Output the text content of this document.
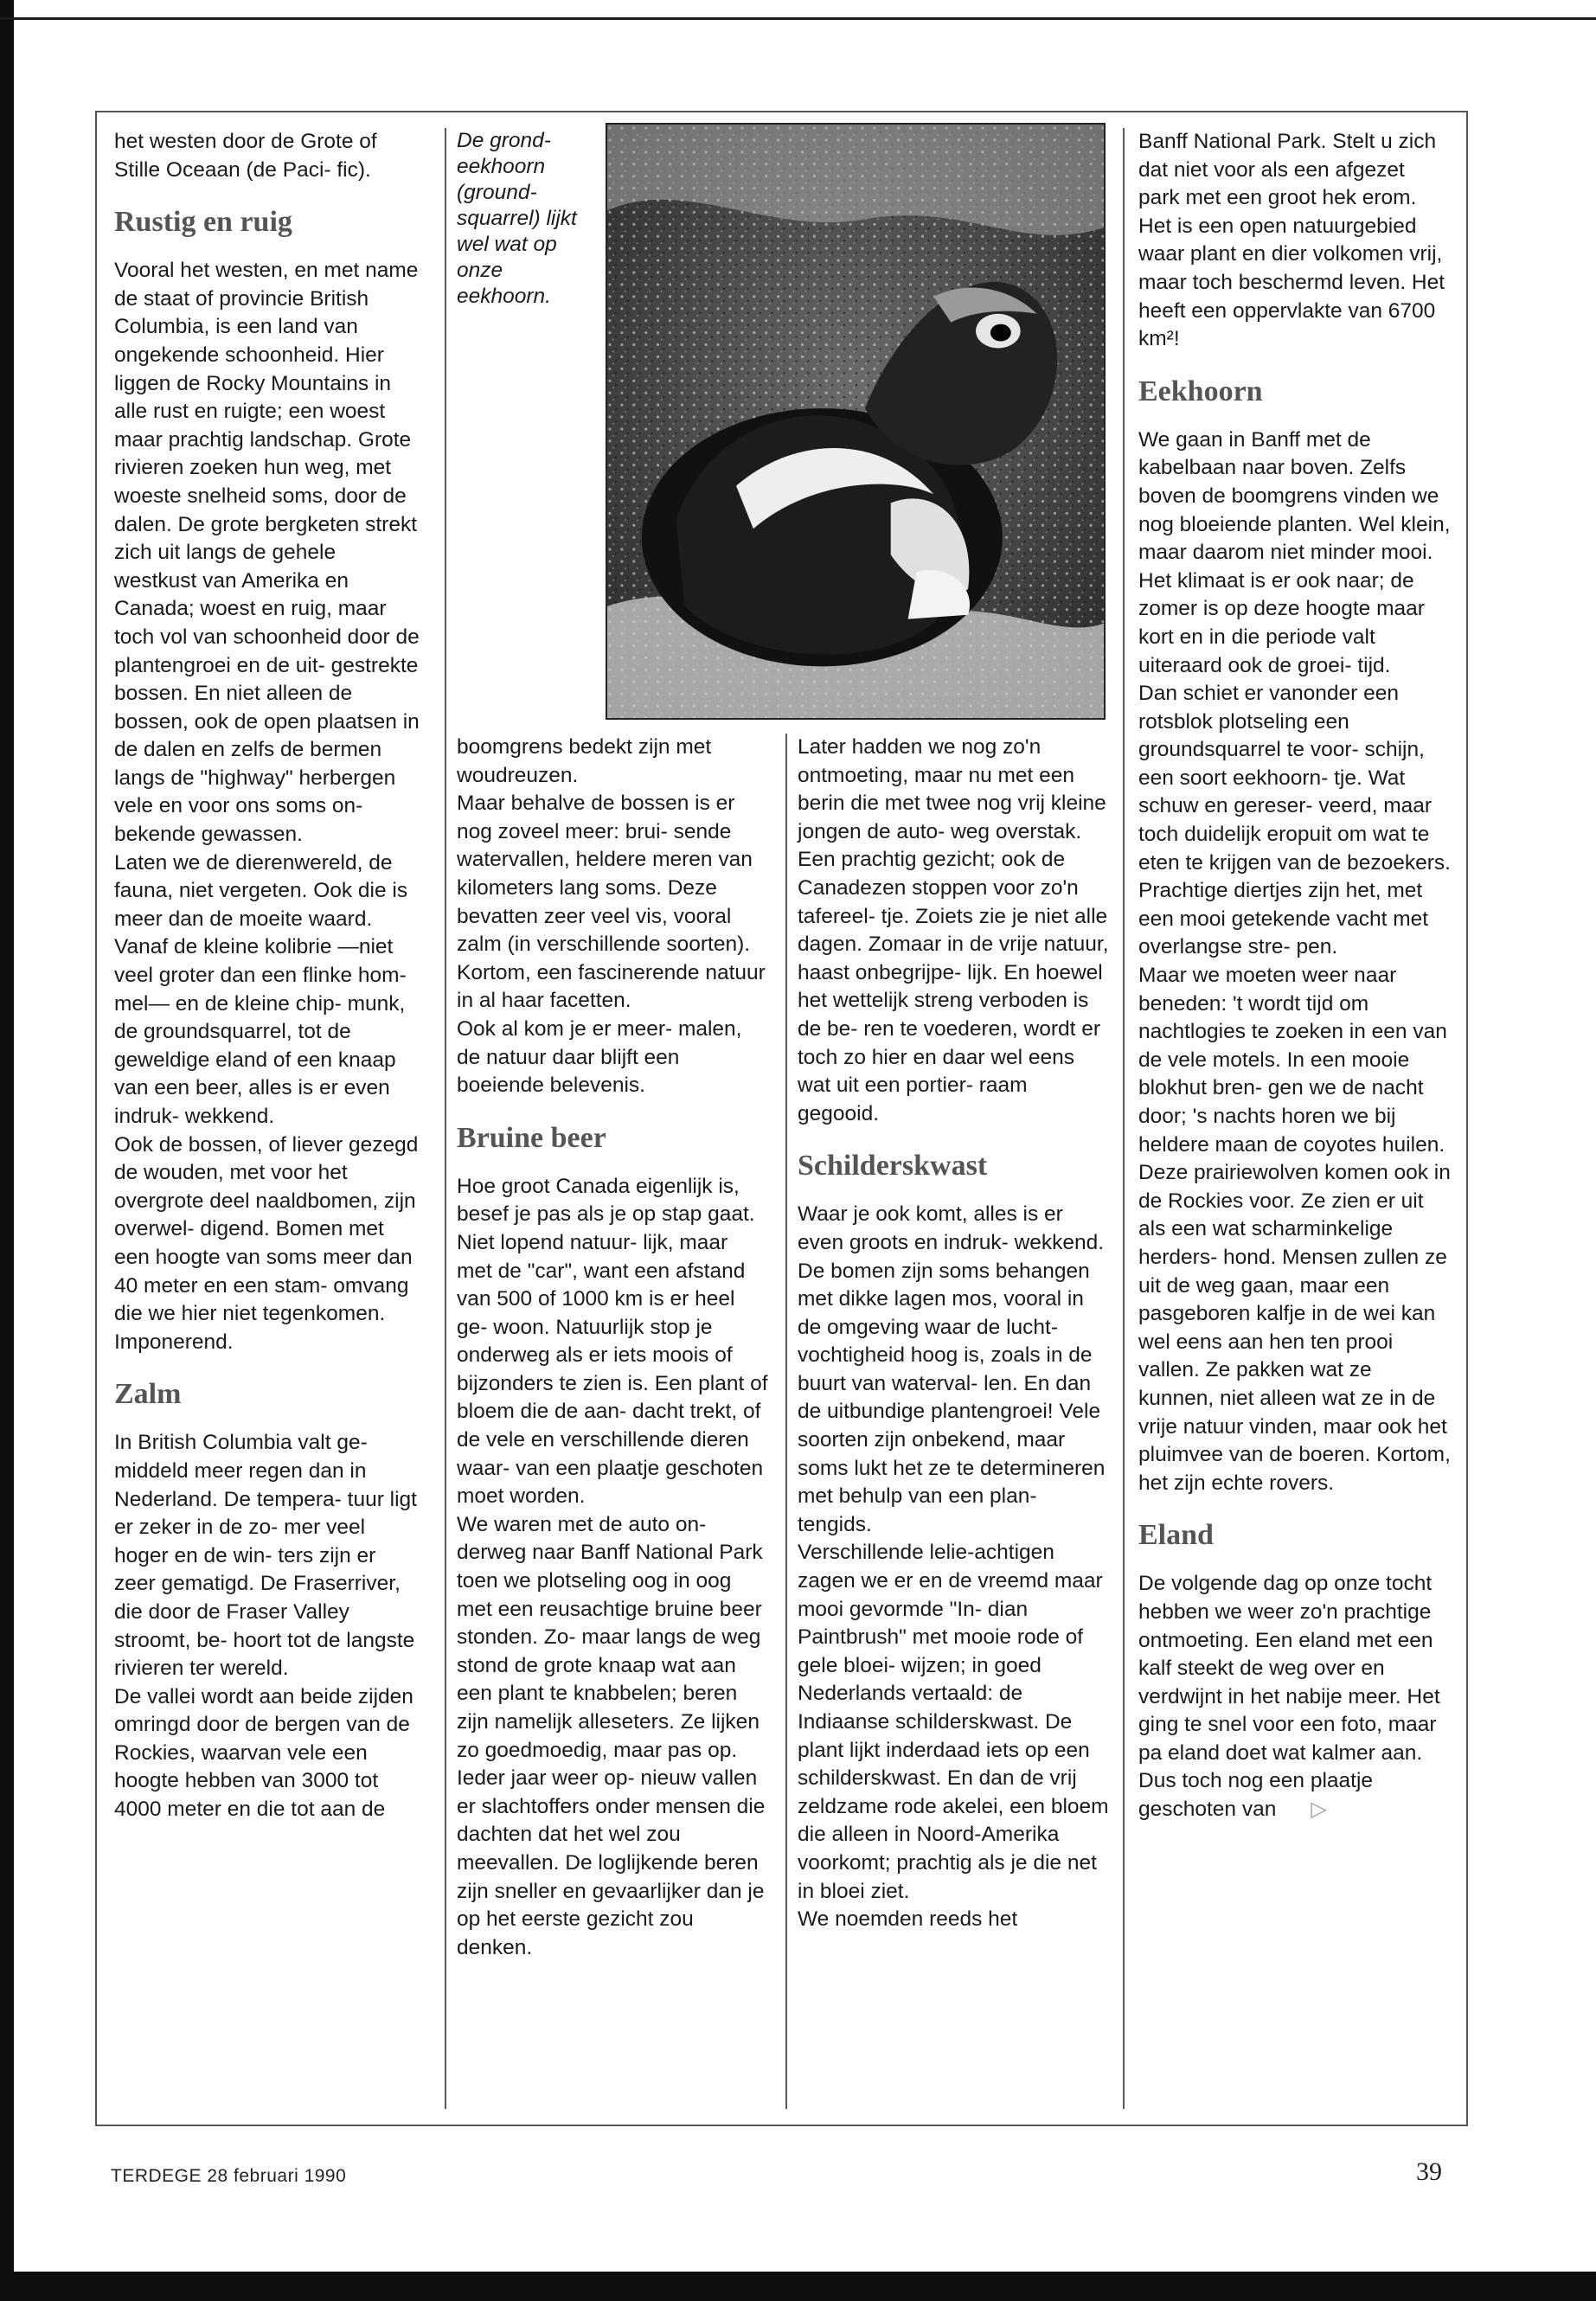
het westen door de Grote of Stille Oceaan (de Paci- fic).

Rustig en ruig

Vooral het westen, en met name de staat of provincie British Columbia, is een land van ongekende schoonheid. Hier liggen de Rocky Mountains in alle rust en ruigte; een woest maar prachtig landschap. Grote rivieren zoeken hun weg, met woeste snelheid soms, door de dalen. De grote bergketen strekt zich uit langs de gehele westkust van Amerika en Canada; woest en ruig, maar toch vol van schoonheid door de plantengroei en de uit- gestrekte bossen. En niet alleen de bossen, ook de open plaatsen in de dalen en zelfs de bermen langs de "highway" herbergen vele en voor ons soms on- bekende gewassen.

Laten we de dierenwereld, de fauna, niet vergeten. Ook die is meer dan de moeite waard. Vanaf de kleine kolibrie —niet veel groter dan een flinke hom- mel— en de kleine chip- munk, de groundsquarrel, tot de geweldige eland of een knaap van een beer, alles is er even indruk- wekkend.

Ook de bossen, of liever gezegd de wouden, met voor het overgrote deel naaldbomen, zijn overwel- digend. Bomen met een hoogte van soms meer dan 40 meter en een stam- omvang die we hier niet tegenkomen. Imponerend.

Zalm

In British Columbia valt ge- middeld meer regen dan in Nederland. De tempera- tuur ligt er zeker in de zo- mer veel hoger en de win- ters zijn er zeer gematigd. De Fraserriver, die door de Fraser Valley stroomt, be- hoort tot de langste rivieren ter wereld.

De vallei wordt aan beide zijden omringd door de bergen van de Rockies, waarvan vele een hoogte hebben van 3000 tot 4000 meter en die tot aan de

De grond- eekhoorn (ground- squarrel) lijkt wel wat op onze eekhoorn.

boomgrens bedekt zijn met woudreuzen.

Maar behalve de bossen is er nog zoveel meer: brui- sende watervallen, heldere meren van kilometers lang soms. Deze bevatten zeer veel vis, vooral zalm (in verschillende soorten).

Kortom, een fascinerende natuur in al haar facetten.

Ook al kom je er meer- malen, de natuur daar blijft een boeiende belevenis.

Bruine beer

Hoe groot Canada eigenlijk is, besef je pas als je op stap gaat. Niet lopend natuur- lijk, maar met de "car", want een afstand van 500 of 1000 km is er heel ge- woon. Natuurlijk stop je onderweg als er iets moois of bijzonders te zien is. Een plant of bloem die de aan- dacht trekt, of de vele en verschillende dieren waar- van een plaatje geschoten moet worden.

We waren met de auto on- derweg naar Banff National Park toen we plotseling oog in oog met een reusachtige bruine beer stonden. Zo- maar langs de weg stond de grote knaap wat aan een plant te knabbelen; beren zijn namelijk alleseters. Ze lijken zo goedmoedig, maar pas op. Ieder jaar weer op- nieuw vallen er slachtoffers onder mensen die dachten dat het wel zou meevallen. De loglijkende beren zijn sneller en gevaarlijker dan je op het eerste gezicht zou denken.

Later hadden we nog zo'n ontmoeting, maar nu met een berin die met twee nog vrij kleine jongen de auto- weg overstak. Een prachtig gezicht; ook de Canadezen stoppen voor zo'n tafereel- tje. Zoiets zie je niet alle dagen. Zomaar in de vrije natuur, haast onbegrijpe- lijk. En hoewel het wettelijk streng verboden is de be- ren te voederen, wordt er toch zo hier en daar wel eens wat uit een portier- raam gegooid.

Schilderskwast

Waar je ook komt, alles is er even groots en indruk- wekkend. De bomen zijn soms behangen met dikke lagen mos, vooral in de omgeving waar de lucht- vochtigheid hoog is, zoals in de buurt van waterval- len. En dan de uitbundige plantengroei! Vele soorten zijn onbekend, maar soms lukt het ze te determineren met behulp van een plan- tengids.

Verschillende lelie-achtigen zagen we er en de vreemd maar mooi gevormde "In- dian Paintbrush" met mooie rode of gele bloei- wijzen; in goed Nederlands vertaald: de Indiaanse schilderskwast. De plant lijkt inderdaad iets op een schilderskwast. En dan de vrij zeldzame rode akelei, een bloem die alleen in Noord-Amerika voorkomt; prachtig als je die net in bloei ziet.

We noemden reeds het

Banff National Park. Stelt u zich dat niet voor als een afgezet park met een groot hek erom. Het is een open natuurgebied waar plant en dier volkomen vrij, maar toch beschermd leven. Het heeft een oppervlakte van 6700 km²!

Eekhoorn

We gaan in Banff met de kabelbaan naar boven. Zelfs boven de boomgrens vinden we nog bloeiende planten. Wel klein, maar daarom niet minder mooi. Het klimaat is er ook naar; de zomer is op deze hoogte maar kort en in die periode valt uiteraard ook de groei- tijd.

Dan schiet er vanonder een rotsblok plotseling een groundsquarrel te voor- schijn, een soort eekhoorn- tje. Wat schuw en gereser- veerd, maar toch duidelijk eropuit om wat te eten te krijgen van de bezoekers. Prachtige diertjes zijn het, met een mooi getekende vacht met overlangse stre- pen.

Maar we moeten weer naar beneden: 't wordt tijd om nachtlogies te zoeken in een van de vele motels. In een mooie blokhut bren- gen we de nacht door; 's nachts horen we bij heldere maan de coyotes huilen. Deze prairiewolven komen ook in de Rockies voor. Ze zien er uit als een wat scharminkelige herders- hond. Mensen zullen ze uit de weg gaan, maar een pasgeboren kalfje in de wei kan wel eens aan hen ten prooi vallen. Ze pakken wat ze kunnen, niet alleen wat ze in de vrije natuur vinden, maar ook het pluimvee van de boeren. Kortom, het zijn echte rovers.

Eland

De volgende dag op onze tocht hebben we weer zo'n prachtige ontmoeting. Een eland met een kalf steekt de weg over en verdwijnt in het nabije meer. Het ging te snel voor een foto, maar pa eland doet wat kalmer aan. Dus toch nog een plaatje geschoten van ▷

TERDEGE 28 februari 1990	39
